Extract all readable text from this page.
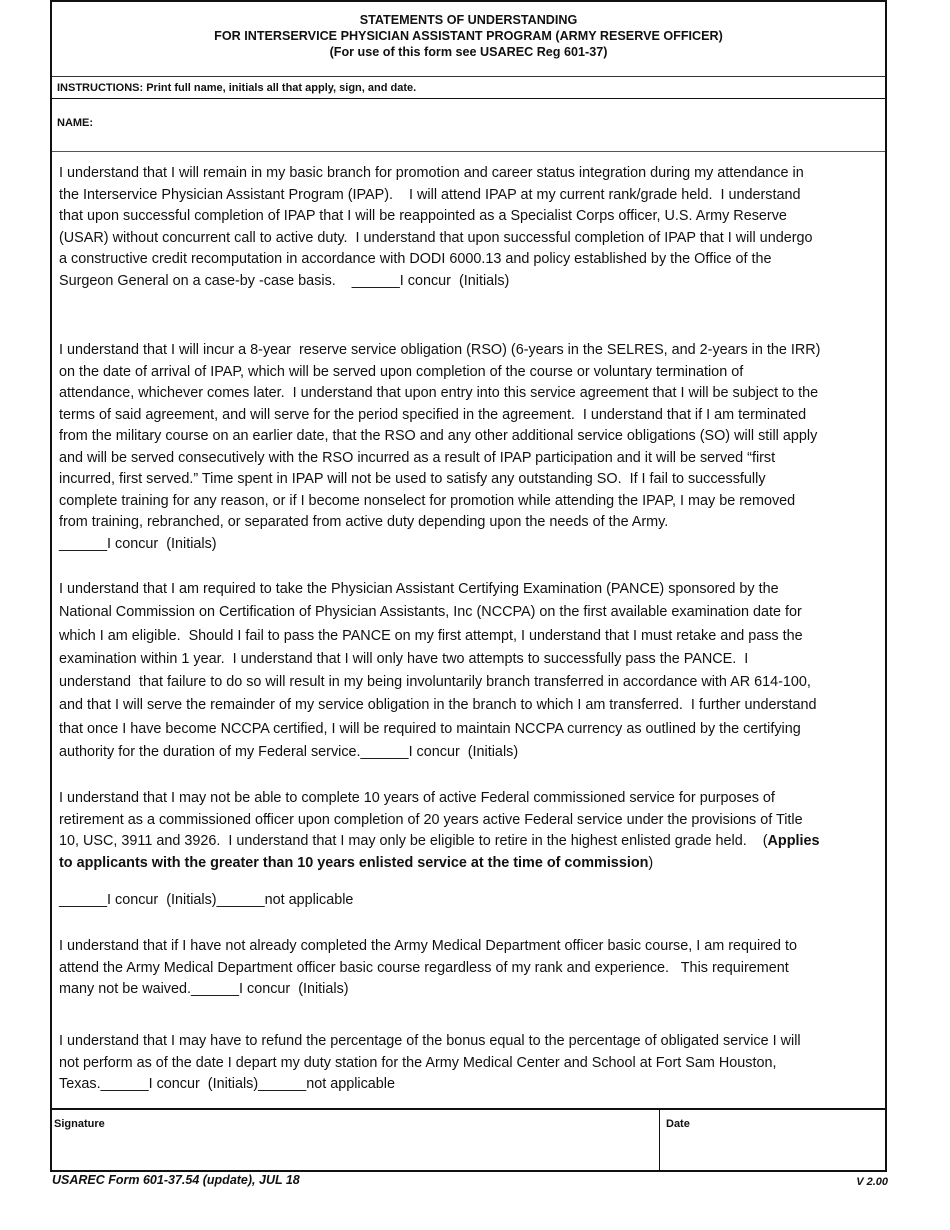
STATEMENTS OF UNDERSTANDING
FOR INTERSERVICE PHYSICIAN ASSISTANT PROGRAM (ARMY RESERVE OFFICER)
(For use of this form see USAREC Reg 601-37)
INSTRUCTIONS: Print full name, initials all that apply, sign, and date.
NAME:
I understand that I will remain in my basic branch for promotion and career status integration during my attendance in
the Interservice Physician Assistant Program (IPAP).    I will attend IPAP at my current rank/grade held.  I understand
that upon successful completion of IPAP that I will be reappointed as a Specialist Corps officer, U.S. Army Reserve
(USAR) without concurrent call to active duty.  I understand that upon successful completion of IPAP that I will undergo
a constructive credit recomputation in accordance with DODI 6000.13 and policy established by the Office of the
Surgeon General on a case-by -case basis.    ______I concur  (Initials)
I understand that I will incur a 8-year  reserve service obligation (RSO) (6-years in the SELRES, and 2-years in the IRR)
on the date of arrival of IPAP, which will be served upon completion of the course or voluntary termination of
attendance, whichever comes later.  I understand that upon entry into this service agreement that I will be subject to the
terms of said agreement, and will serve for the period specified in the agreement.  I understand that if I am terminated
from the military course on an earlier date, that the RSO and any other additional service obligations (SO) will still apply
and will be served consecutively with the RSO incurred as a result of IPAP participation and it will be served “first
incurred, first served.” Time spent in IPAP will not be used to satisfy any outstanding SO.  If I fail to successfully
complete training for any reason, or if I become nonselect for promotion while attending the IPAP, I may be removed
from training, rebranched, or separated from active duty depending upon the needs of the Army.
______I concur  (Initials)
I understand that I am required to take the Physician Assistant Certifying Examination (PANCE) sponsored by the
National Commission on Certification of Physician Assistants, Inc (NCCPA) on the first available examination date for
which I am eligible.  Should I fail to pass the PANCE on my first attempt, I understand that I must retake and pass the
examination within 1 year.  I understand that I will only have two attempts to successfully pass the PANCE.  I
understand  that failure to do so will result in my being involuntarily branch transferred in accordance with AR 614-100,
and that I will serve the remainder of my service obligation in the branch to which I am transferred.  I further understand
that once I have become NCCPA certified, I will be required to maintain NCCPA currency as outlined by the certifying
authority for the duration of my Federal service.______I concur  (Initials)
I understand that I may not be able to complete 10 years of active Federal commissioned service for purposes of
retirement as a commissioned officer upon completion of 20 years active Federal service under the provisions of Title
10, USC, 3911 and 3926.  I understand that I may only be eligible to retire in the highest enlisted grade held.    (Applies
to applicants with the greater than 10 years enlisted service at the time of commission)
______I concur  (Initials)______not applicable
I understand that if I have not already completed the Army Medical Department officer basic course, I am required to
attend the Army Medical Department officer basic course regardless of my rank and experience.   This requirement
many not be waived.______I concur  (Initials)
I understand that I may have to refund the percentage of the bonus equal to the percentage of obligated service I will
not perform as of the date I depart my duty station for the Army Medical Center and School at Fort Sam Houston,
Texas.______I concur  (Initials)______not applicable
Signature	Date
USAREC Form 601-37.54 (update), JUL 18	V 2.00
